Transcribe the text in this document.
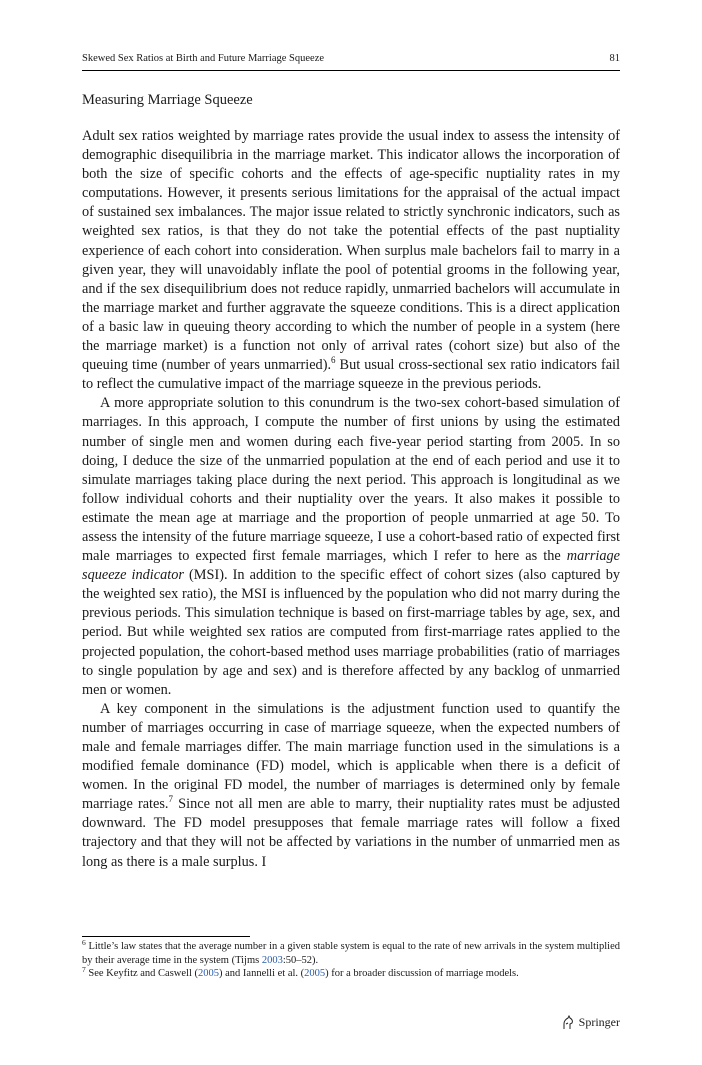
Skewed Sex Ratios at Birth and Future Marriage Squeeze	81
Measuring Marriage Squeeze

Adult sex ratios weighted by marriage rates provide the usual index to assess the intensity of demographic disequilibria in the marriage market. This indicator allows the incorporation of both the size of specific cohorts and the effects of age-specific nuptiality rates in my computations. However, it presents serious limitations for the appraisal of the actual impact of sustained sex imbalances. The major issue related to strictly synchronic indicators, such as weighted sex ratios, is that they do not take the potential effects of the past nuptiality experience of each cohort into consideration. When surplus male bachelors fail to marry in a given year, they will unavoidably inflate the pool of potential grooms in the following year, and if the sex disequilibrium does not reduce rapidly, unmarried bachelors will accumulate in the marriage market and further aggravate the squeeze conditions. This is a direct application of a basic law in queuing theory according to which the number of people in a system (here the marriage market) is a function not only of arrival rates (cohort size) but also of the queuing time (number of years unmarried).$^6$ But usual cross-sectional sex ratio indicators fail to reflect the cumulative impact of the marriage squeeze in the previous periods.

A more appropriate solution to this conundrum is the two-sex cohort-based simulation of marriages. In this approach, I compute the number of first unions by using the estimated number of single men and women during each five-year period starting from 2005. In so doing, I deduce the size of the unmarried population at the end of each period and use it to simulate marriages taking place during the next period. This approach is longitudinal as we follow individual cohorts and their nuptiality over the years. It also makes it possible to estimate the mean age at marriage and the proportion of people unmarried at age 50. To assess the intensity of the future marriage squeeze, I use a cohort-based ratio of expected first male marriages to expected first female marriages, which I refer to here as the marriage squeeze indicator (MSI). In addition to the specific effect of cohort sizes (also captured by the weighted sex ratio), the MSI is influenced by the population who did not marry during the previous periods. This simulation technique is based on first-marriage tables by age, sex, and period. But while weighted sex ratios are computed from first-marriage rates applied to the projected population, the cohort-based method uses marriage probabilities (ratio of marriages to single population by age and sex) and is therefore affected by any backlog of unmarried men or women.

A key component in the simulations is the adjustment function used to quantify the number of marriages occurring in case of marriage squeeze, when the expected numbers of male and female marriages differ. The main marriage function used in the simulations is a modified female dominance (FD) model, which is applicable when there is a deficit of women. In the original FD model, the number of marriages is determined only by female marriage rates.$^7$ Since not all men are able to marry, their nuptiality rates must be adjusted downward. The FD model presupposes that female marriage rates will follow a fixed trajectory and that they will not be affected by variations in the number of unmarried men as long as there is a male surplus. I

$^6$ Little’s law states that the average number in a given stable system is equal to the rate of new arrivals in the system multiplied by their average time in the system (Tijms 2003:50–52).

$^7$ See Keyfitz and Caswell (2005) and Iannelli et al. (2005) for a broader discussion of marriage models.

Springer
